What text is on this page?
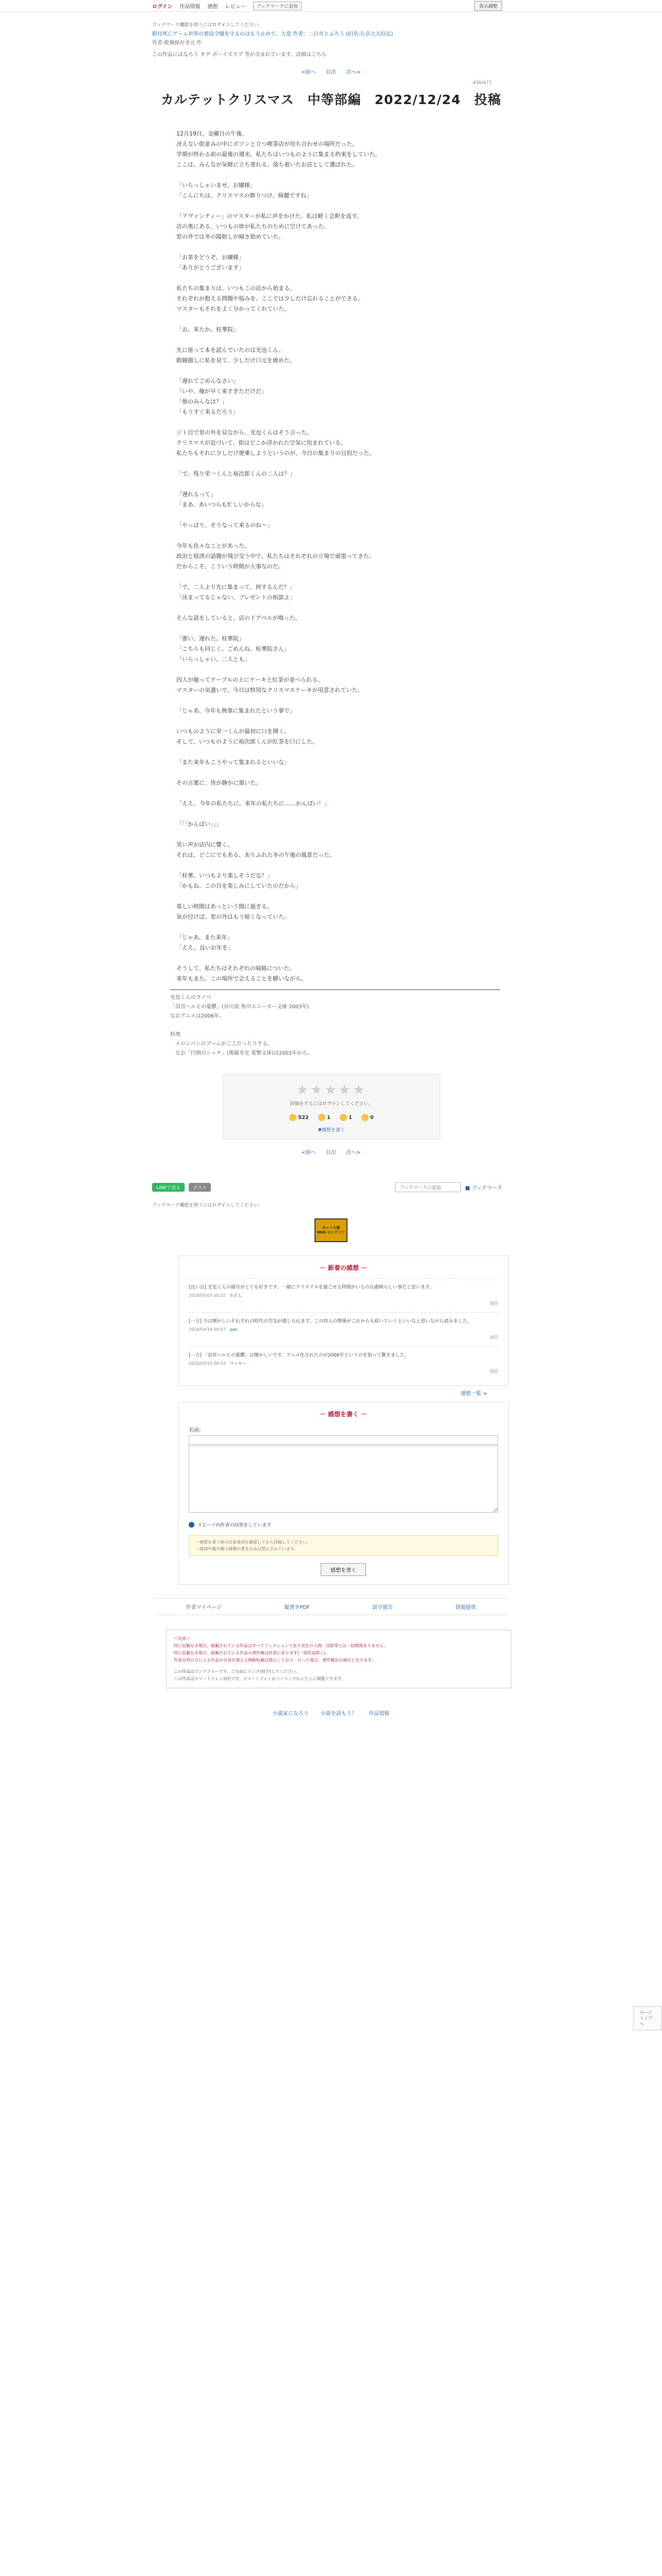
ログイン 作品情報 感想 レビュー	ブックマークに追加	表示調整
ブックマーク機能を使うにはログインしてください。
眼付死亡ゲーム世界の悪役令嬢を守るのはもう止めて、大変 作者：二日市とふろう (旧名:左京大夫信弘)
作者:乾燥保存金元 作
この作品にはなろう タグ ボーイズラブ 等が含まれています。詳細はこちら
<前へ 目次 次へ>
456/471
カルテットクリスマス　中等部編　2022/12/24　投稿

12月19日。金曜日の午後。

冴えない街並みの中にポツンと立つ喫茶店が待ち合わせの場所だった。

学期が終わる前の最後の週末。私たちはいつものように集まる約束をしていた。

ここは、みんなが気軽に立ち寄れる、落ち着いたお店として選ばれた。

「いらっしゃいませ。お嬢様」

「こんにちは。クリスマスの飾りつけ、綺麗ですね」

「アヴァンティー」のマスターが私に声をかけた。私は軽く会釈を返す。

店の奥にある、いつもの席が私たちのために空けてあった。

窓の外では冬の陽射しが傾き始めていた。

「お茶をどうぞ。お嬢様」

「ありがとうございます」

私たちの集まりは、いつもこの店から始まる。

それぞれが抱える問題や悩みを、ここでは少しだけ忘れることができる。

マスターもそれをよく分かってくれていた。

「お、来たか。桂華院」

先に座って本を読んでいたのは光也くん。

眼鏡越しに私を見て、少しだけ口元を緩めた。

「遅れてごめんなさい」

「いや、俺が早く来すぎただけだ」

「他のみんなは？」

「もうすぐ来るだろう」

ジト目で窓の外を見ながら、光也くんはそう言った。

クリスマスが近づいて、街はどこか浮かれた空気に包まれている。

私たちもそれに少しだけ便乗しようというのが、今日の集まりの目的だった。

「で、残り栄一くんと裕次郎くんの二人は？」

「遅れるって」

「まあ、あいつらも忙しいからな」

「やっぱり、そうなって来るのね〜」

今年も色々なことがあった。

政治と経済の話題が飛び交う中で、私たちはそれぞれの立場で頑張ってきた。

だからこそ、こういう時間が大事なのだ。

「で、二人より先に集まって、何するんだ？」

「決まってるじゃない。プレゼントの相談よ」

そんな話をしていると、店のドアベルが鳴った。

「悪い、遅れた。桂華院」

「こちらも同じく。ごめんね、桂華院さん」

「いらっしゃい。二人とも」

四人が揃ってテーブルの上にケーキと紅茶が並べられる。

マスターの気遣いで、今日は特別なクリスマスケーキが用意されていた。

「じゃあ、今年も無事に集まれたという事で」

いつものように栄一くんが最初に口を開く。

そして、いつものように裕次郎くんが紅茶を口にした。

「また来年もこうやって集まれるといいな」

その言葉に、皆が静かに頷いた。

「ええ。今年の私たちに。来年の私たちに……かんぱい！」

「「「かんぱい」」」

笑い声が店内に響く。

それは、どこにでもある、ありふれた冬の午後の風景だった。

「桂華、いつもより楽しそうだな？」

「かもね。この日を楽しみにしていたのだから」

楽しい時間はあっという間に過ぎる。

気が付けば、窓の外はもう暗くなっていた。

「じゃあ、また来年」

「ええ。良いお年を」

そうして、私たちはそれぞれの帰路についた。

来年もまた、この場所で会えることを願いながら。

光也くんのラノベ

「涼宮ハルヒの憂鬱」(谷川流 角川スニーカー文庫 2003年)

なおアニメは2006年。

料理

　メロンパンのブームがここだったりする。

　なお「円朝のシャチ」(後藤寿光 電撃文庫)は2002年から。

★★★★★
評価をするにはログインしてください。
522	1	1	0
▼感想を書く
<前へ 目次 次へ>
LINEで送る	ポスト	ブックマークに追加	■ ブックマーク
ブックマーク機能を使うにはログインしてください。
ネット小説
Web コンテンツ
－ 新着の感想 －
[良い点] 光也くんの描写がとても好きです。一緒にクリスマスを過ごせる仲間がいるのは素晴らしい事だと思います。
2024/05/03 05:22 わたし
返信
[一言] 今は懐かしいそれぞれの時代の空気が感じられます。この四人の関係がこれからも続いていくといいなと思いながら読みました。
2024/04/14 00:07 pan
返信
[一言] 「涼宮ハルヒの憂鬱」は懐かしいです。アニメ化されたのが2006年というのを知って驚きました。
2024/03/10 06:53 ウッキー
返信
感想一覧 >
－ 感想を書く －
名前:

スピーツ内作者の回答をしています
・感想を書く時の注意事項を確認してから投稿してください。
・誹謗中傷や個人情報の書き込みは禁止されています。
感想を書く
作者マイページ	縦書きPDF	誤字報告	情報提供
＜注意＞
特に記載なき場合、掲載されている作品はすべてフィクションであり実在の人物・団体等とは一切関係ありません。
特に記載なき場合、掲載されている作品の著作権は作者にあります(一部作品除く)。
作者以外の方による作品の引用を超える無断転載は禁止しており、行った場合、著作権法の違反となります。
この作品はリンクフリーです。ご自由にリンク(紹介)してください。
この作品はスマートフォン対応です。スマートフォンかパソコンでかんたんに閲覧できます。
小説家になろう 小説を読もう！ 作品情報
ページトップへ
